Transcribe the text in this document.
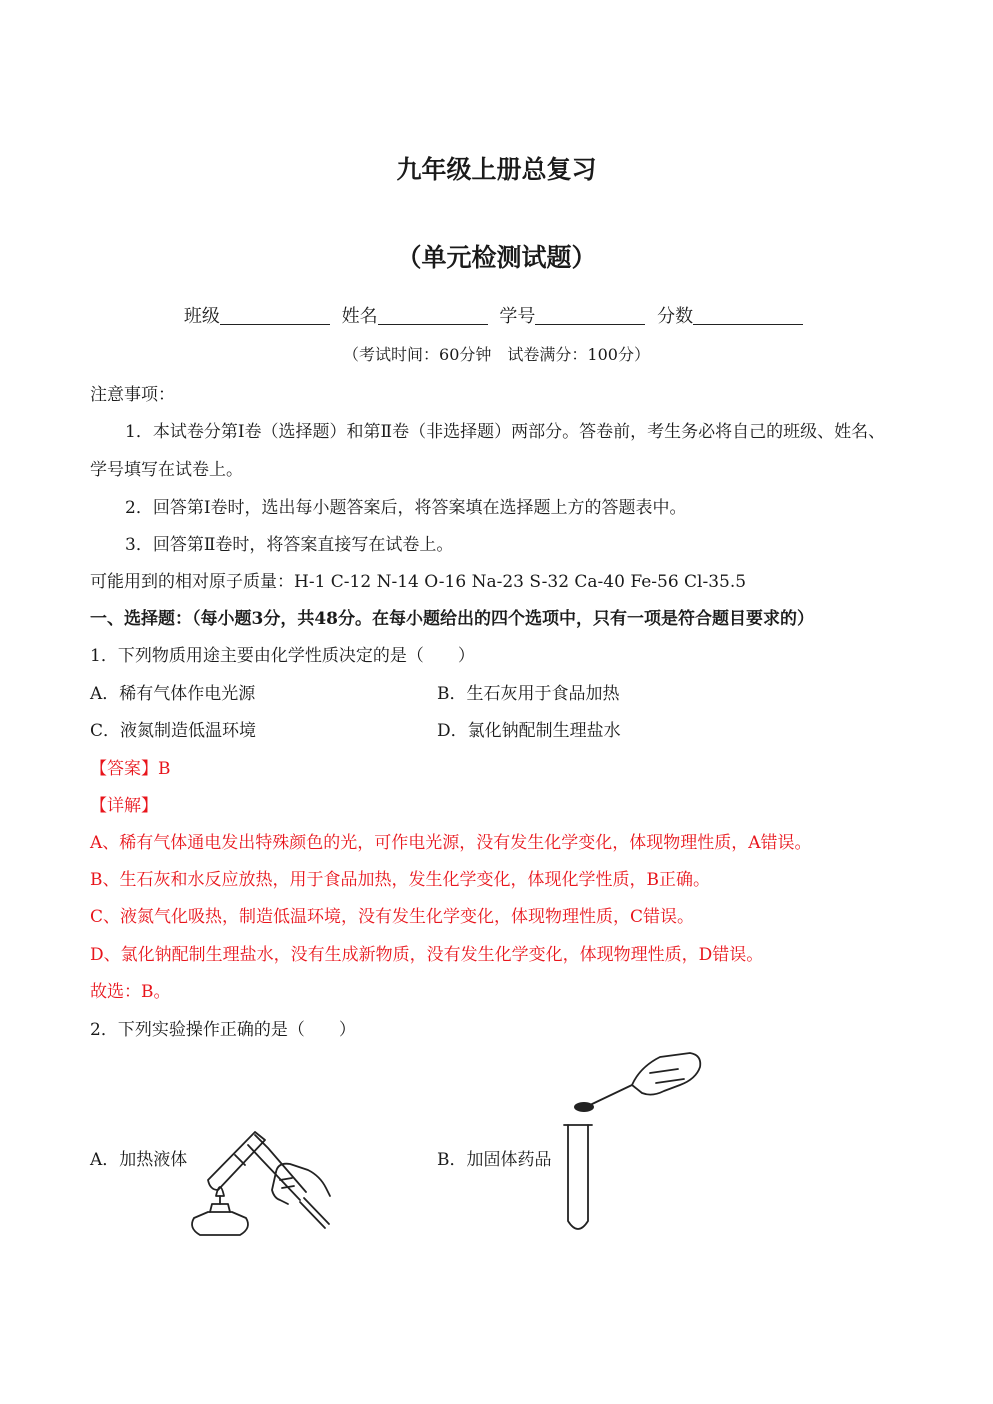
九年级上册总复习
（单元检测试题）
班级	姓名	学号	分数
（考试时间：60分钟　试卷满分：100分）
注意事项：
1．本试卷分第Ⅰ卷（选择题）和第Ⅱ卷（非选择题）两部分。答卷前，考生务必将自己的班级、姓名、
学号填写在试卷上。
2．回答第Ⅰ卷时，选出每小题答案后，将答案填在选择题上方的答题表中。
3．回答第Ⅱ卷时，将答案直接写在试卷上。
可能用到的相对原子质量：H-1 C-12 N-14 O-16 Na-23 S-32 Ca-40 Fe-56 Cl-35.5
一、选择题：（每小题3分，共48分。在每小题给出的四个选项中，只有一项是符合题目要求的）
1．下列物质用途主要由化学性质决定的是（　　）
A．稀有气体作电光源	B．生石灰用于食品加热
C．液氮制造低温环境	D．氯化钠配制生理盐水
【答案】B
【详解】
A、稀有气体通电发出特殊颜色的光，可作电光源，没有发生化学变化，体现物理性质，A错误。
B、生石灰和水反应放热，用于食品加热，发生化学变化，体现化学性质，B正确。
C、液氮气化吸热，制造低温环境，没有发生化学变化，体现物理性质，C错误。
D、氯化钠配制生理盐水，没有生成新物质，没有发生化学变化，体现物理性质，D错误。
故选：B。
2．下列实验操作正确的是（　　）
A．加热液体	B．加固体药品
